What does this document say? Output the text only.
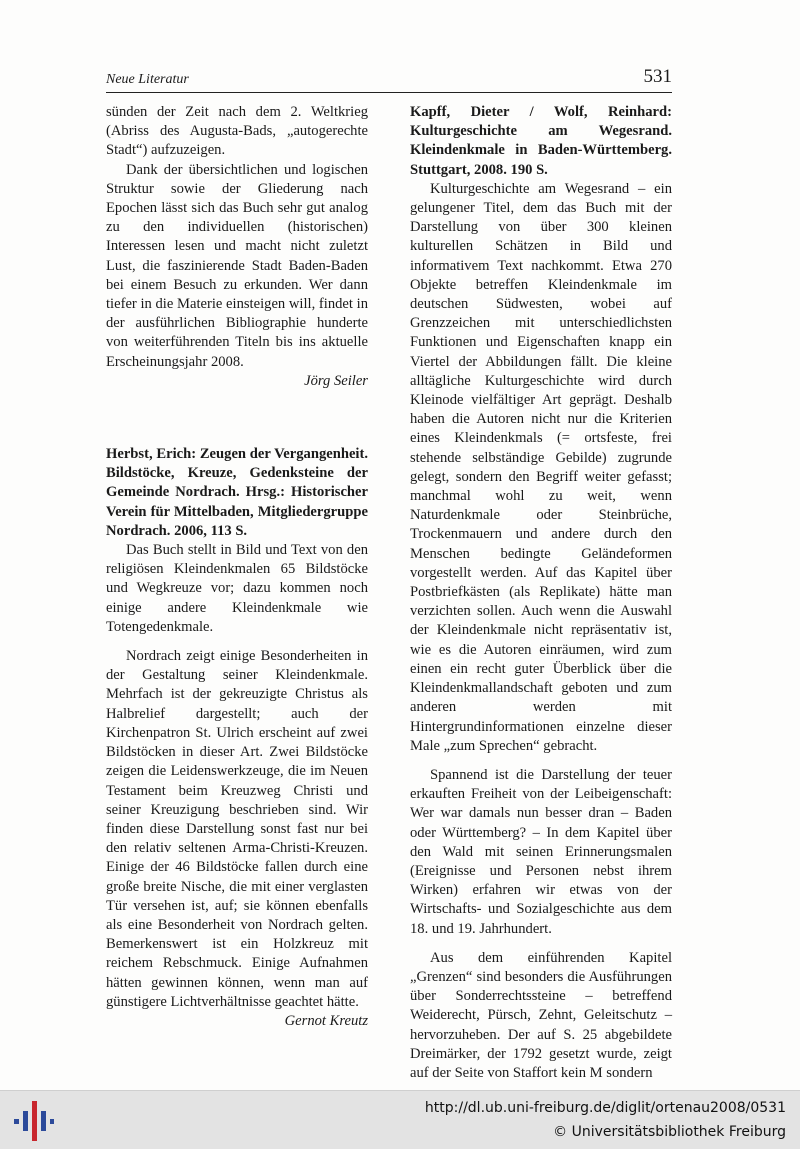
Neue Literatur	531

sünden der Zeit nach dem 2. Weltkrieg (Abriss des Augusta-Bads, „autogerechte Stadt“) aufzuzeigen.

Dank der übersichtlichen und logischen Struktur sowie der Gliederung nach Epochen lässt sich das Buch sehr gut analog zu den individuellen (historischen) Interessen lesen und macht nicht zuletzt Lust, die faszinierende Stadt Baden-Baden bei einem Besuch zu erkunden. Wer dann tiefer in die Materie einsteigen will, findet in der ausführlichen Bibliographie hunderte von weiterführenden Titeln bis ins aktuelle Erscheinungsjahr 2008.

Jörg Seiler

Herbst, Erich: Zeugen der Vergangenheit. Bildstöcke, Kreuze, Gedenksteine der Gemeinde Nordrach. Hrsg.: Historischer Verein für Mittelbaden, Mitgliedergruppe Nordrach. 2006, 113 S.

Das Buch stellt in Bild und Text von den religiösen Kleindenkmalen 65 Bildstöcke und Wegkreuze vor; dazu kommen noch einige andere Kleindenkmale wie Totengedenkmale.

Nordrach zeigt einige Besonderheiten in der Gestaltung seiner Kleindenkmale. Mehrfach ist der gekreuzigte Christus als Halbrelief dargestellt; auch der Kirchenpatron St. Ulrich erscheint auf zwei Bildstöcken in dieser Art. Zwei Bildstöcke zeigen die Leidenswerkzeuge, die im Neuen Testament beim Kreuzweg Christi und seiner Kreuzigung beschrieben sind. Wir finden diese Darstellung sonst fast nur bei den relativ seltenen Arma-Christi-Kreuzen. Einige der 46 Bildstöcke fallen durch eine große breite Nische, die mit einer verglasten Tür versehen ist, auf; sie können ebenfalls als eine Besonderheit von Nordrach gelten. Bemerkenswert ist ein Holzkreuz mit reichem Rebschmuck. Einige Aufnahmen hätten gewinnen können, wenn man auf günstigere Lichtverhältnisse geachtet hätte.

Gernot Kreutz

Kapff, Dieter / Wolf, Reinhard: Kulturgeschichte am Wegesrand. Kleindenkmale in Baden-Württemberg. Stuttgart, 2008. 190 S.

Kulturgeschichte am Wegesrand – ein gelungener Titel, dem das Buch mit der Darstellung von über 300 kleinen kulturellen Schätzen in Bild und informativem Text nachkommt. Etwa 270 Objekte betreffen Kleindenkmale im deutschen Südwesten, wobei auf Grenzzeichen mit unterschiedlichsten Funktionen und Eigenschaften knapp ein Viertel der Abbildungen fällt. Die kleine alltägliche Kulturgeschichte wird durch Kleinode vielfältiger Art geprägt. Deshalb haben die Autoren nicht nur die Kriterien eines Kleindenkmals (= ortsfeste, frei stehende selbständige Gebilde) zugrunde gelegt, sondern den Begriff weiter gefasst; manchmal wohl zu weit, wenn Naturdenkmale oder Steinbrüche, Trockenmauern und andere durch den Menschen bedingte Geländeformen vorgestellt werden. Auf das Kapitel über Postbriefkästen (als Replikate) hätte man verzichten sollen. Auch wenn die Auswahl der Kleindenkmale nicht repräsentativ ist, wie es die Autoren einräumen, wird zum einen ein recht guter Überblick über die Kleindenkmallandschaft geboten und zum anderen werden mit Hintergrundinformationen einzelne dieser Male „zum Sprechen“ gebracht.

Spannend ist die Darstellung der teuer erkauften Freiheit von der Leibeigenschaft: Wer war damals nun besser dran – Baden oder Württemberg? – In dem Kapitel über den Wald mit seinen Erinnerungsmalen (Ereignisse und Personen nebst ihrem Wirken) erfahren wir etwas von der Wirtschafts- und Sozialgeschichte aus dem 18. und 19. Jahrhundert.

Aus dem einführenden Kapitel „Grenzen“ sind besonders die Ausführungen über Sonderrechtssteine – betreffend Weiderecht, Pürsch, Zehnt, Geleitschutz – hervorzuheben. Der auf S. 25 abgebildete Dreimärker, der 1792 gesetzt wurde, zeigt auf der Seite von Staffort kein M sondern

http://dl.ub.uni-freiburg.de/diglit/ortenau2008/0531
© Universitätsbibliothek Freiburg
